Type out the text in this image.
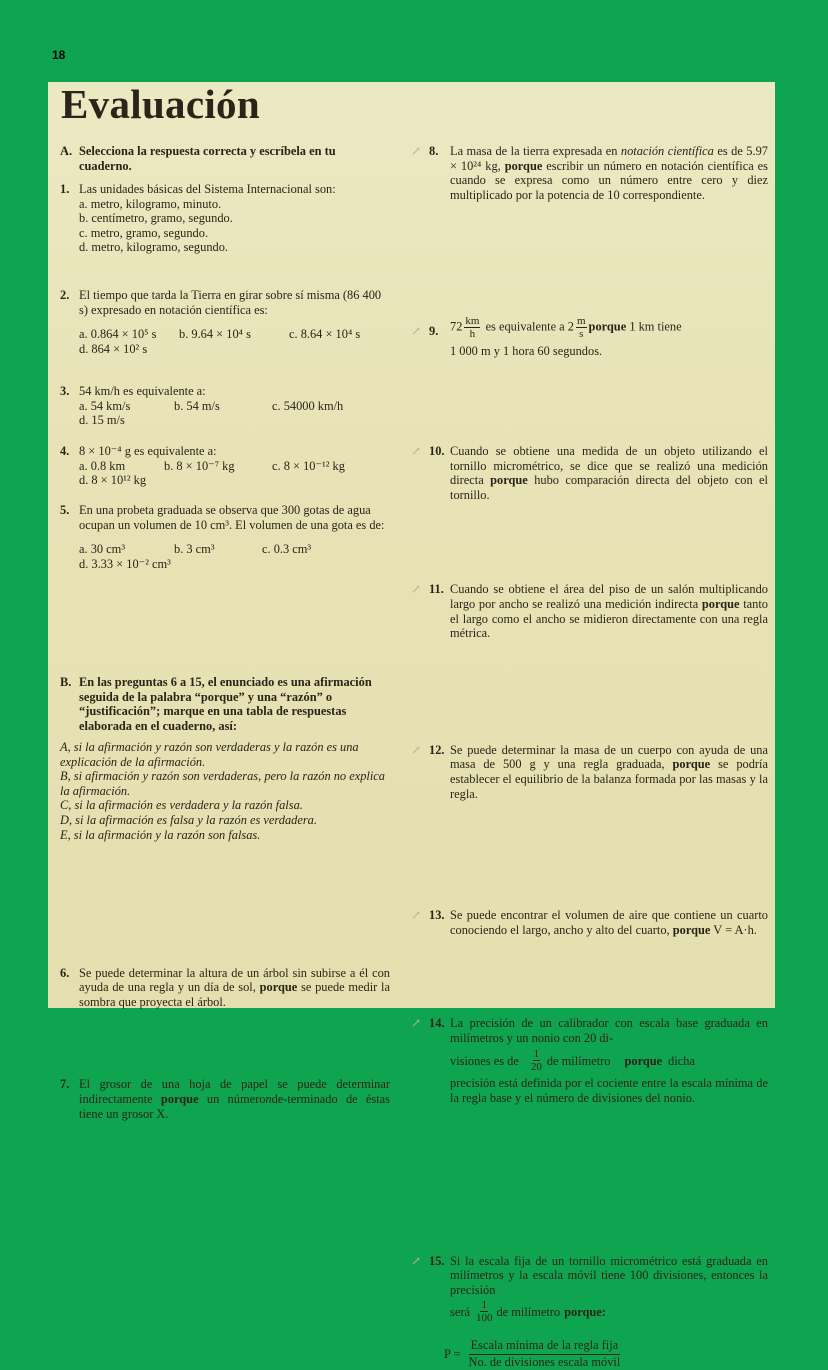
18
Evaluación
A. Selecciona la respuesta correcta y escríbela en tu cuaderno.
1. Las unidades básicas del Sistema Internacional son:
a. metro, kilogramo, minuto.
b. centímetro, gramo, segundo.
c. metro, gramo, segundo.
d. metro, kilogramo, segundo.
2. El tiempo que tarda la Tierra en girar sobre sí misma (86 400 s) expresado en notación científica es:
a. 0.864 × 10⁵ s	b. 9.64 × 10⁴ s	c. 8.64 × 10⁴ s
d. 864 × 10² s
3. 54 km/h es equivalente a:
a. 54 km/s	b. 54 m/s	c. 54000 km/h
d. 15 m/s
4. 8 × 10⁻⁴ g es equivalente a:
a. 0.8 km	b. 8 × 10⁻⁷ kg	c. 8 × 10⁻¹² kg
d. 8 × 10¹² kg
5. En una probeta graduada se observa que 300 gotas de agua ocupan un volumen de 10 cm³. El volumen de una gota es de:
a. 30 cm³	b. 3 cm³	c. 0.3 cm³
d. 3.33 × 10⁻² cm³
B. En las preguntas 6 a 15, el enunciado es una afirmación seguida de la palabra “porque” y una “razón” o “justificación”; marque en una tabla de respuestas elaborada en el cuaderno, así:
A, si la afirmación y razón son verdaderas y la razón es una explicación de la afirmación.
B, si afirmación y razón son verdaderas, pero la razón no explica la afirmación.
C, si la afirmación es verdadera y la razón falsa.
D, si la afirmación es falsa y la razón es verdadera.
E, si la afirmación y la razón son falsas.
6. Se puede determinar la altura de un árbol sin subirse a él con ayuda de una regla y un día de sol, porque se puede medir la sombra que proyecta el árbol.
7. El grosor de una hoja de papel se puede determinar indirectamente porque un númeronde-terminado de éstas tiene un grosor X.
↗ 8. La masa de la tierra expresada en notación científica es de 5.97 × 10²⁴ kg, porque escribir un número en notación científica es cuando se expresa como un número entre cero y diez multiplicado por la potencia de 10 correspondiente.
↗ 9. $72 \frac{km}{h}$ es equivalente a $2 \frac{m}{s}$ porque 1 km tiene
1 000 m y 1 hora 60 segundos.
↗ 10. Cuando se obtiene una medida de un objeto utilizando el tornillo micrométrico, se dice que se realizó una medición directa porque hubo comparación directa del objeto con el tornillo.
↗ 11. Cuando se obtiene el área del piso de un salón multiplicando largo por ancho se realizó una medición indirecta porque tanto el largo como el ancho se midieron directamente con una regla métrica.
↗ 12. Se puede determinar la masa de un cuerpo con ayuda de una masa de 500 g y una regla graduada, porque se podría establecer el equilibrio de la balanza formada por las masas y la regla.
↗ 13. Se puede encontrar el volumen de aire que contiene un cuarto conociendo el largo, ancho y alto del cuarto, porque V = A·h.
↗ 14. La precisión de un calibrador con escala base graduada en milímetros y un nonio con 20 di-
visiones es de $\frac{1}{20}$ de milímetro porque dicha
precisión está definida por el cociente entre la escala mínima de la regla base y el número de divisiones del nonio.
↗ 15. Si la escala fija de un tornillo micrométrico está graduada en milímetros y la escala móvil tiene 100 divisiones, entonces la precisión
será $\frac{1}{100}$ de milímetro porque:
P =
Escala mínima de la regla fija
No. de divisiones escala móvil
